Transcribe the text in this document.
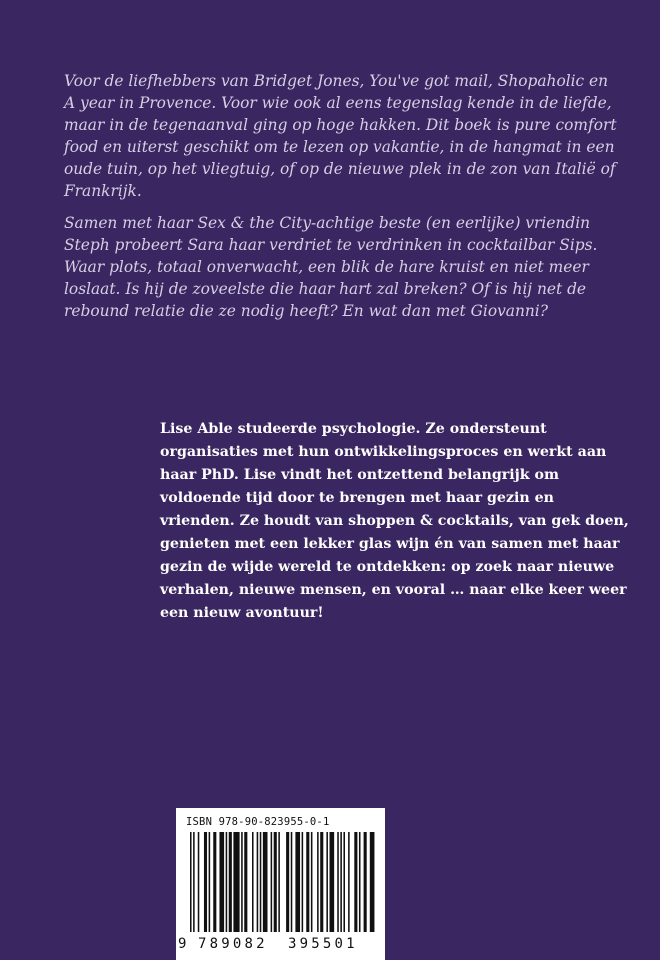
Voor de liefhebbers van Bridget Jones, You've got mail, Shopaholic en A year in Provence. Voor wie ook al eens tegenslag kende in de liefde, maar in de tegenaanval ging op hoge hakken. Dit boek is pure comfort food en uiterst geschikt om te lezen op vakantie, in de hangmat in een oude tuin, op het vliegtuig, of op de nieuwe plek in de zon van Italië of Frankrijk.

Samen met haar Sex & the City-achtige beste (en eerlijke) vriendin Steph probeert Sara haar verdriet te verdrinken in cocktailbar Sips. Waar plots, totaal onverwacht, een blik de hare kruist en niet meer loslaat. Is hij de zoveelste die haar hart zal breken? Of is hij net de rebound relatie die ze nodig heeft? En wat dan met Giovanni?

Lise Able studeerde psychologie. Ze ondersteunt organisaties met hun ontwikkelingsproces en werkt aan haar PhD. Lise vindt het ontzettend belangrijk om voldoende tijd door te brengen met haar gezin en vrienden. Ze houdt van shoppen & cocktails, van gek doen, genieten met een lekker glas wijn én van samen met haar gezin de wijde wereld te ontdekken: op zoek naar nieuwe verhalen, nieuwe mensen, en vooral … naar elke keer weer een nieuw avontuur!

ISBN 978-90-823955-0-1
9 789082 395501
